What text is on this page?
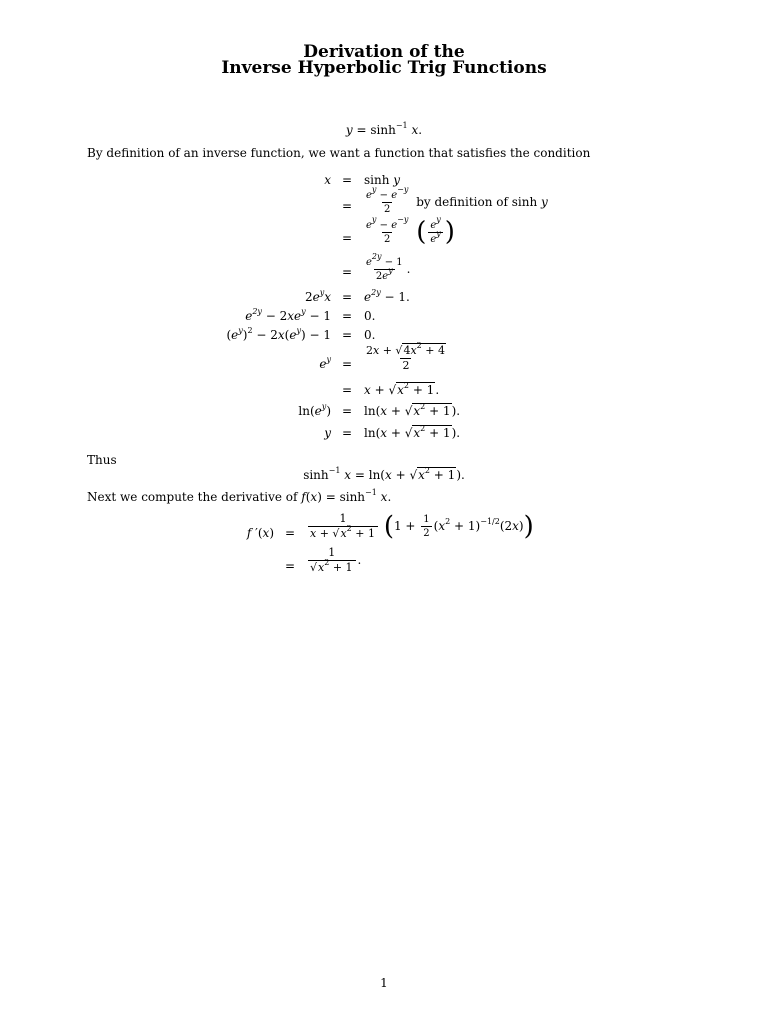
Derivation of the
Inverse Hyperbolic Trig Functions
$y = \sinh^{-1} x$.
By definition of an inverse function, we want a function that satisfies the condition
x = sinh y
=	$\frac{e^y - e^{-y}}{2}$ by definition of sinh y
=	$\frac{e^y - e^{-y}}{2}$ ( $\frac{e^y}{e^y}$ )
=	$\frac{e^{2y} - 1}{2e^y}$ .
$2e^yx = e^{2y} - 1$.
$e^{2y} - 2xe^y - 1 = 0$.
$(e^y)^2 - 2x(e^y) - 1 = 0$.
$e^y$ =	$\frac{2x + √4x^2 + 4}{2}$
= $x + √x^2 + 1$.
$\ln(e^y) = \ln(x + √x^2 + 1)$.
$y = \ln(x + √x^2 + 1)$.
Thus
$\sinh^{-1} x = \ln(x + √x^2 + 1)$.
Next we compute the derivative of $f(x) = \sinh^{-1} x$.
f ′(x) =	$\frac{1}{x + √x^2 + 1} (1 + \frac{1}{2} (x^2 + 1)^{-1/2}(2x))$
=	$\frac{1}{√x^2 + 1}$ .
1
